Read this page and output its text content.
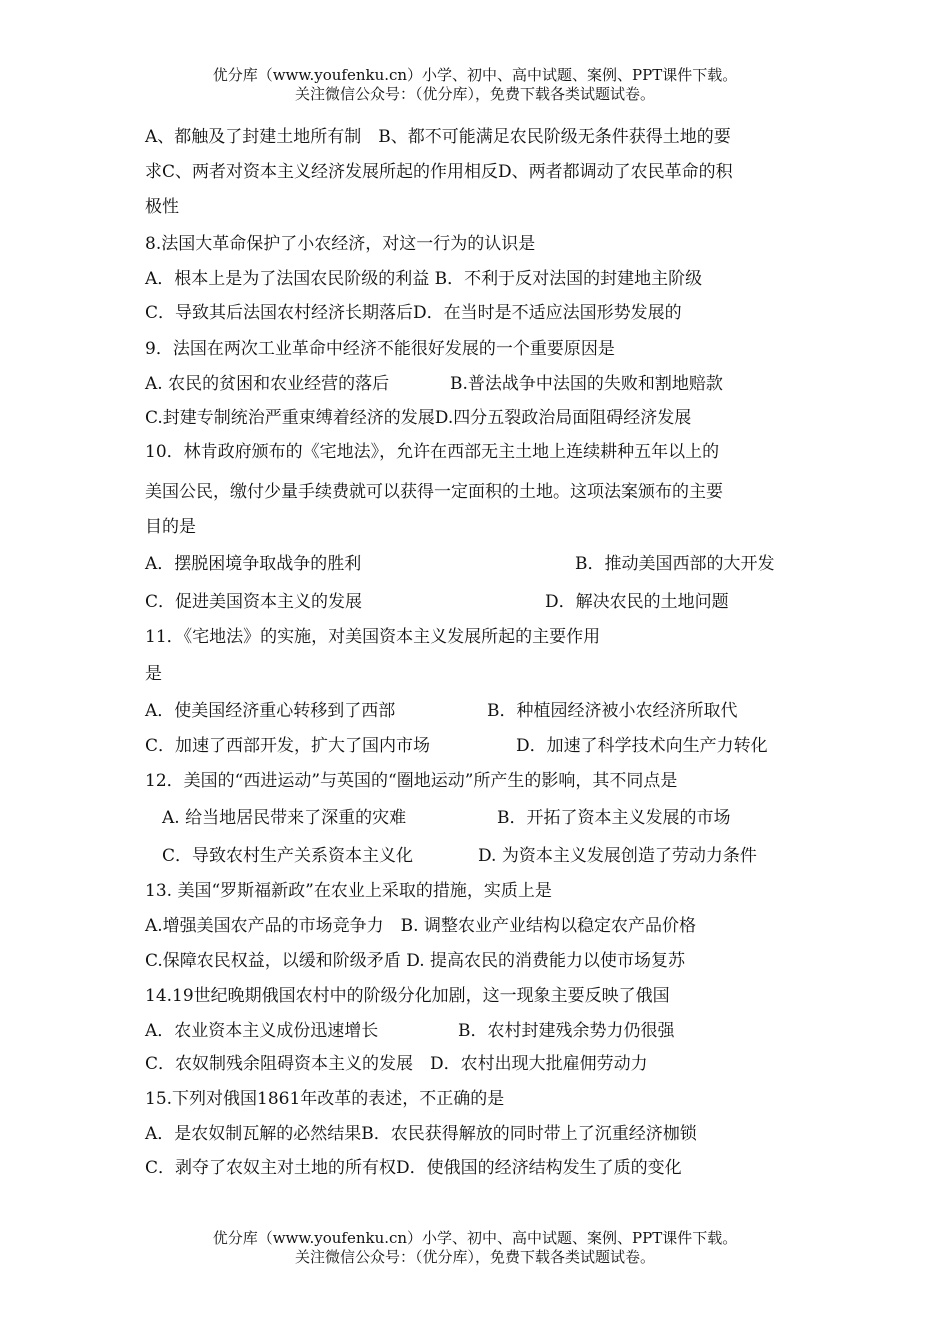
优分库（www.youfenku.cn）小学、初中、高中试题、案例、PPT课件下载。
关注微信公众号：（优分库），免费下载各类试题试卷。
A、都触及了封建土地所有制　B、都不可能满足农民阶级无条件获得土地的要
求C、两者对资本主义经济发展所起的作用相反D、两者都调动了农民革命的积
极性
8.法国大革命保护了小农经济，对这一行为的认识是
A．根本上是为了法国农民阶级的利益 B．不利于反对法国的封建地主阶级
C．导致其后法国农村经济长期落后D．在当时是不适应法国形势发展的
9．法国在两次工业革命中经济不能很好发展的一个重要原因是
A. 农民的贫困和农业经营的落后	B.普法战争中法国的失败和割地赔款
C.封建专制统治严重束缚着经济的发展D.四分五裂政治局面阻碍经济发展
10．林肯政府颁布的《宅地法》，允许在西部无主土地上连续耕种五年以上的
美国公民，缴付少量手续费就可以获得一定面积的土地。这项法案颁布的主要
目的是
A．摆脱困境争取战争的胜利	B．推动美国西部的大开发
C．促进美国资本主义的发展	D．解决农民的土地问题
11．《宅地法》的实施，对美国资本主义发展所起的主要作用
是
A．使美国经济重心转移到了西部	B．种植园经济被小农经济所取代
C．加速了西部开发，扩大了国内市场	D．加速了科学技术向生产力转化
12．美国的“西进运动”与英国的“圈地运动”所产生的影响，其不同点是
A. 给当地居民带来了深重的灾难	B．开拓了资本主义发展的市场
C．导致农村生产关系资本主义化	D. 为资本主义发展创造了劳动力条件
13. 美国“罗斯福新政”在农业上采取的措施，实质上是
A.增强美国农产品的市场竞争力　B. 调整农业产业结构以稳定农产品价格
C.保障农民权益，以缓和阶级矛盾 D. 提高农民的消费能力以使市场复苏
14.19世纪晚期俄国农村中的阶级分化加剧，这一现象主要反映了俄国
A．农业资本主义成份迅速增长	B．农村封建残余势力仍很强
C．农奴制残余阻碍资本主义的发展　D．农村出现大批雇佣劳动力
15.下列对俄国1861年改革的表述，不正确的是
A．是农奴制瓦解的必然结果B．农民获得解放的同时带上了沉重经济枷锁
C．剥夺了农奴主对土地的所有权D．使俄国的经济结构发生了质的变化
优分库（www.youfenku.cn）小学、初中、高中试题、案例、PPT课件下载。
关注微信公众号：（优分库），免费下载各类试题试卷。
